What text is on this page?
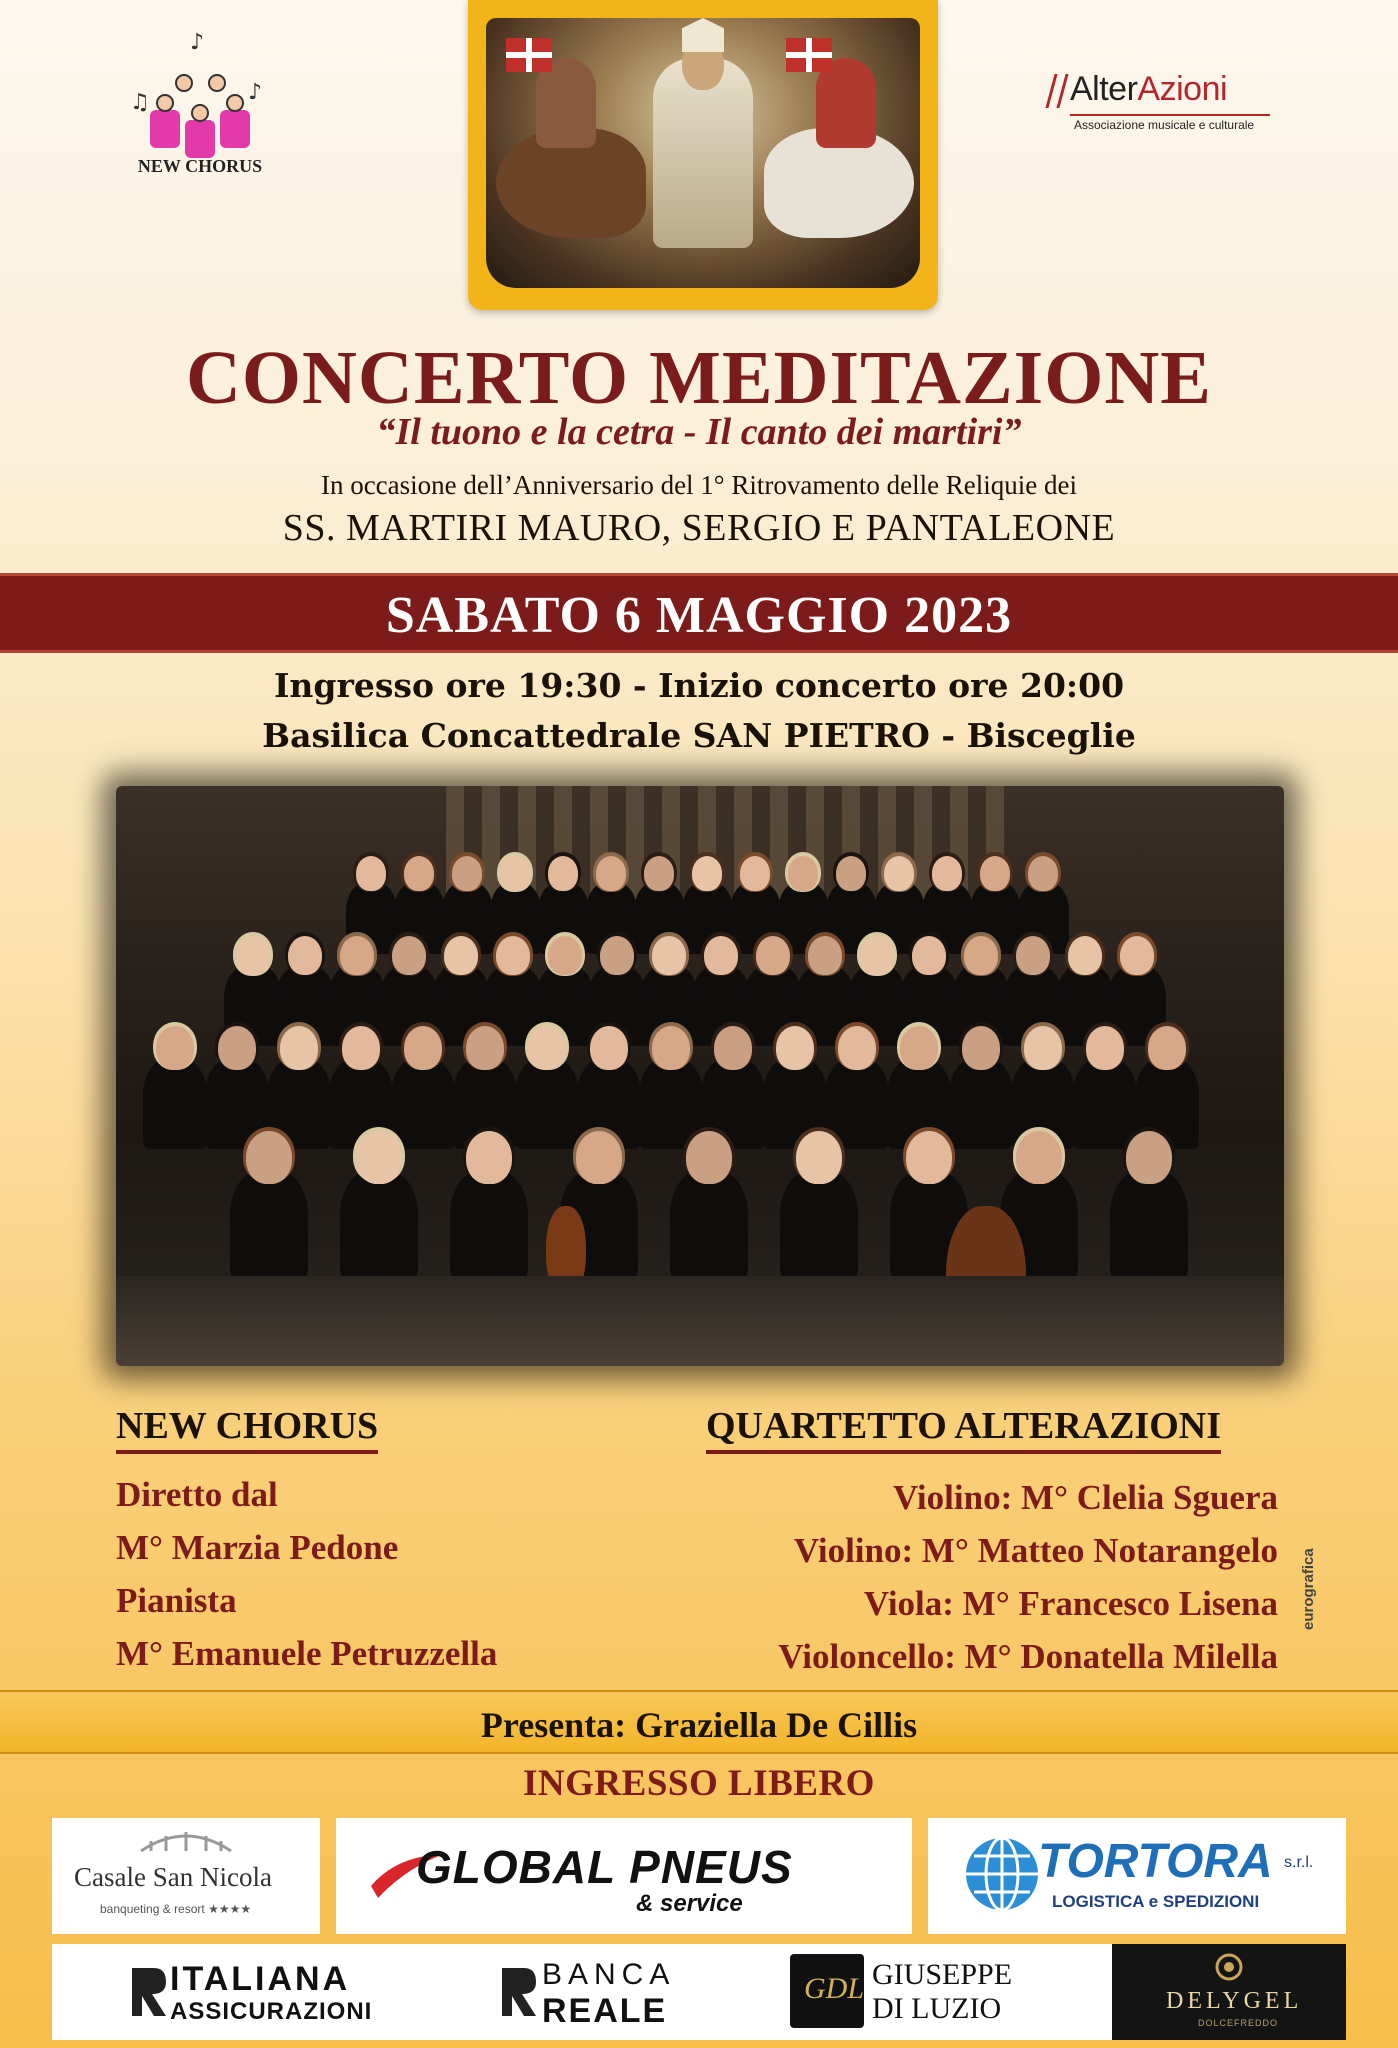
♪
♫	♪
NEW CHORUS
AlterAzioni
Associazione musicale e culturale
CONCERTO MEDITAZIONE
“Il tuono e la cetra - Il canto dei martiri”
In occasione dell’Anniversario del 1° Ritrovamento delle Reliquie dei
SS. MARTIRI MAURO, SERGIO E PANTALEONE
SABATO 6 MAGGIO 2023
Ingresso ore 19:30 - Inizio concerto ore 20:00
Basilica Concattedrale SAN PIETRO - Bisceglie
NEW CHORUS	QUARTETTO ALTERAZIONI
Diretto dal
M° Marzia Pedone
Pianista
M° Emanuele Petruzzella
Violino: M° Clelia Sguera
Violino: M° Matteo Notarangelo
Viola: M° Francesco Lisena
Violoncello: M° Donatella Milella
eurografica
Presenta: Graziella De Cillis
INGRESSO LIBERO
Casale San Nicola
banqueting & resort ★★★★
GLOBAL PNEUS
& service
TORTORA s.r.l.
LOGISTICA e SPEDIZIONI
ITALIANA
ASSICURAZIONI
BANCA
REALE
GDL GIUSEPPE
DI LUZIO	DELYGEL
DOLCEFREDDO
